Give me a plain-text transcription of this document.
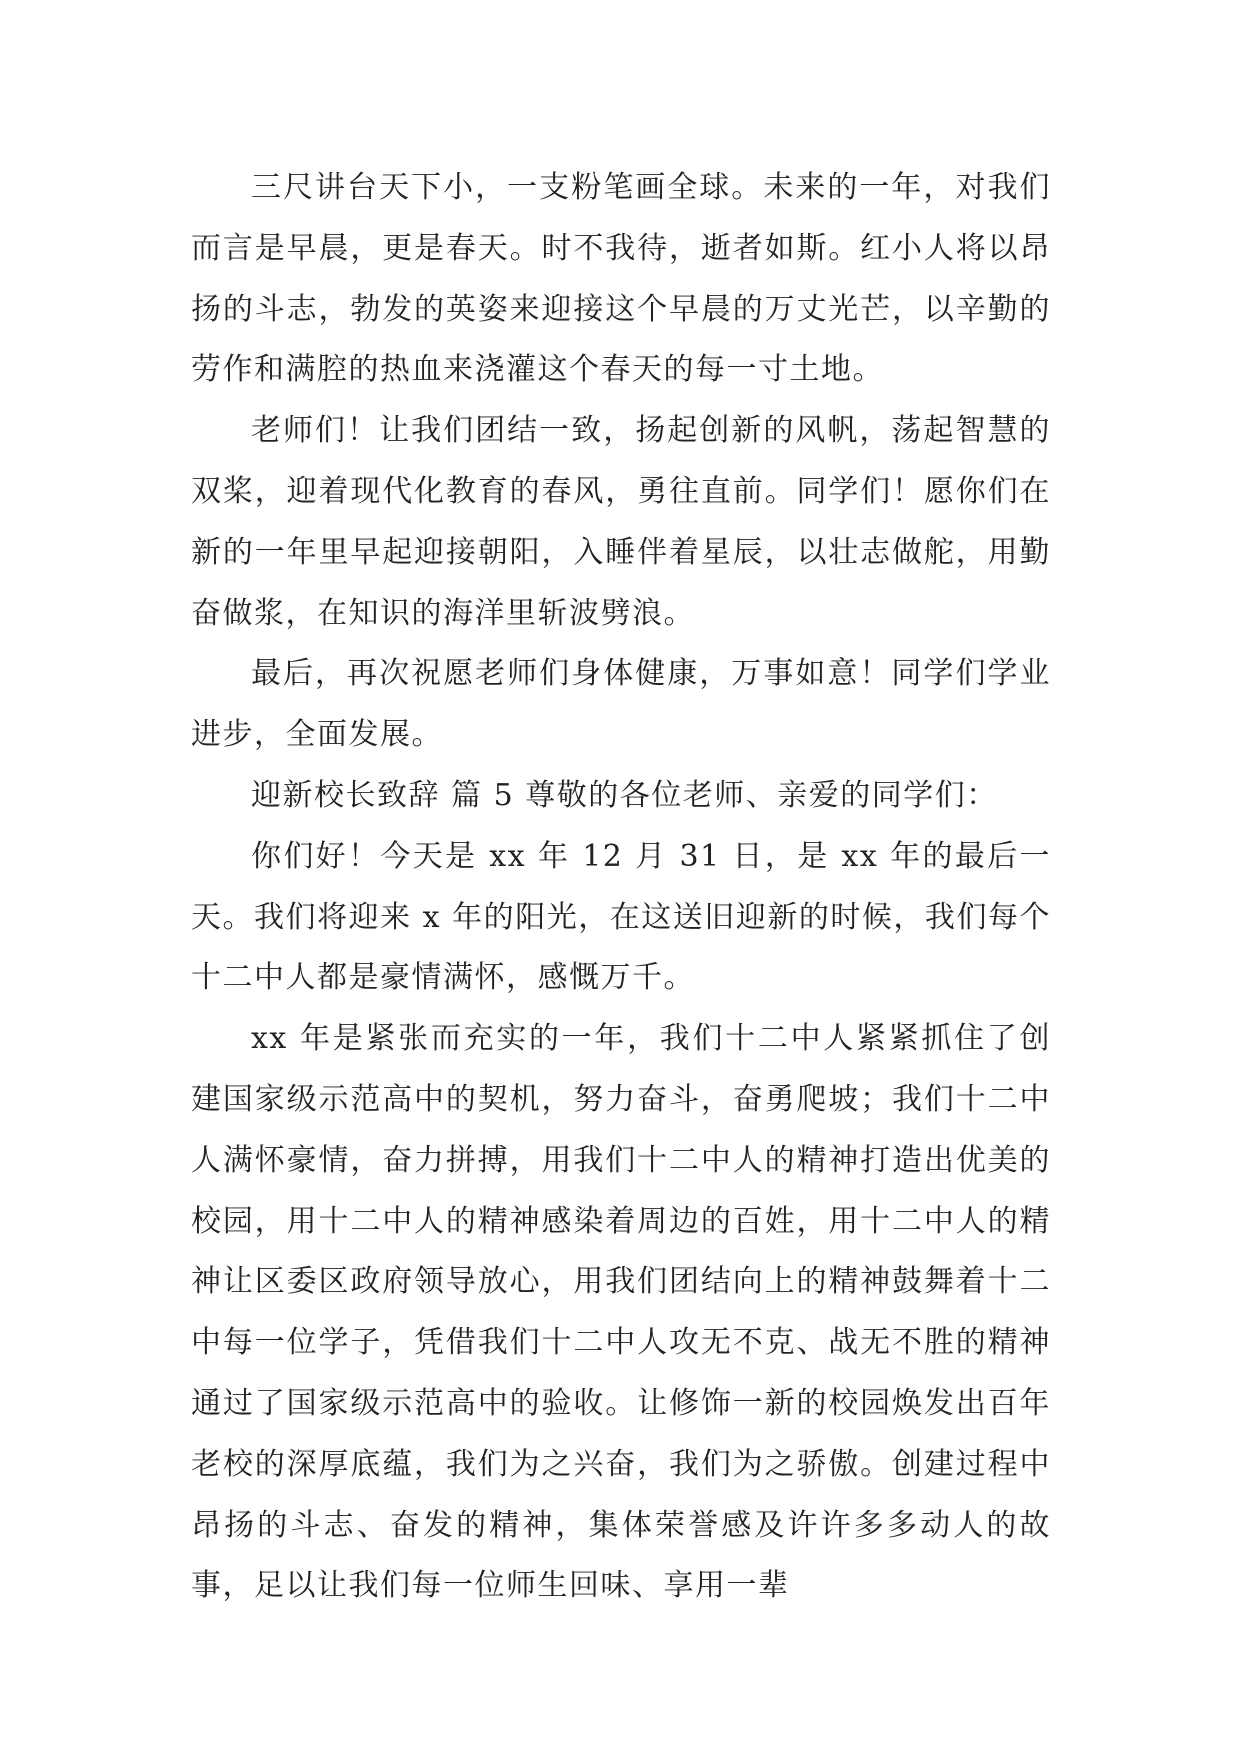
三尺讲台天下小，一支粉笔画全球。未来的一年，对我们而言是早晨，更是春天。时不我待，逝者如斯。红小人将以昂扬的斗志，勃发的英姿来迎接这个早晨的万丈光芒，以辛勤的劳作和满腔的热血来浇灌这个春天的每一寸土地。

老师们！让我们团结一致，扬起创新的风帆，荡起智慧的双桨，迎着现代化教育的春风，勇往直前。同学们！愿你们在新的一年里早起迎接朝阳，入睡伴着星辰，以壮志做舵，用勤奋做浆，在知识的海洋里斩波劈浪。

最后，再次祝愿老师们身体健康，万事如意！同学们学业进步，全面发展。

迎新校长致辞 篇 5 尊敬的各位老师、亲爱的同学们：

你们好！今天是 xx 年 12 月 31 日，是 xx 年的最后一天。我们将迎来 x 年的阳光，在这送旧迎新的时候，我们每个十二中人都是豪情满怀，感慨万千。

xx 年是紧张而充实的一年，我们十二中人紧紧抓住了创建国家级示范高中的契机，努力奋斗，奋勇爬坡；我们十二中人满怀豪情，奋力拼搏，用我们十二中人的精神打造出优美的校园，用十二中人的精神感染着周边的百姓，用十二中人的精神让区委区政府领导放心，用我们团结向上的精神鼓舞着十二中每一位学子，凭借我们十二中人攻无不克、战无不胜的精神通过了国家级示范高中的验收。让修饰一新的校园焕发出百年老校的深厚底蕴，我们为之兴奋，我们为之骄傲。创建过程中昂扬的斗志、奋发的精神，集体荣誉感及许许多多动人的故事，足以让我们每一位师生回味、享用一辈
